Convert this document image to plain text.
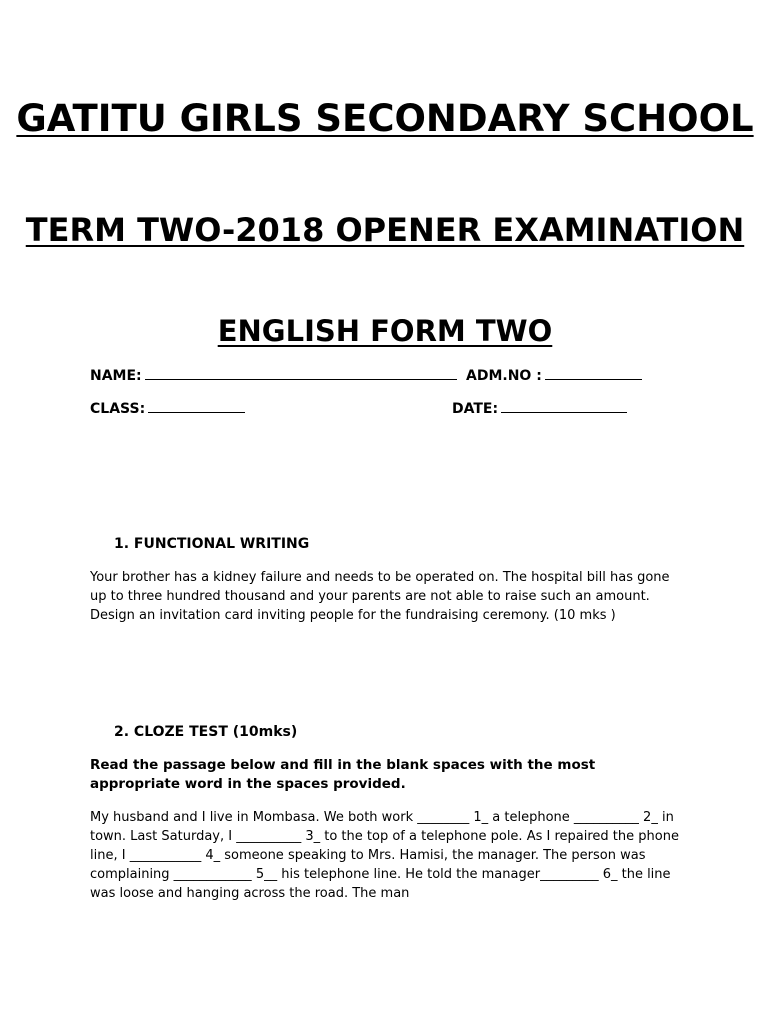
GATITU GIRLS SECONDARY SCHOOL
TERM TWO-2018 OPENER EXAMINATION
ENGLISH FORM TWO
NAME:	ADM.NO :
CLASS:	DATE:
1. FUNCTIONAL WRITING

Your brother has a kidney failure and needs to be operated on. The hospital bill has gone up to three hundred thousand and your parents are not able to raise such an amount. Design an invitation card inviting people for the fundraising ceremony. (10 mks )

2. CLOZE TEST (10mks)

Read the passage below and fill in the blank spaces with the most appropriate word in the spaces provided.

My husband and I live in Mombasa. We both work ________ 1_ a telephone __________ 2_ in town. Last Saturday, I __________ 3_ to the top of a telephone pole. As I repaired the phone line, I ___________ 4_ someone speaking to Mrs. Hamisi, the manager. The person was complaining ____________ 5__ his telephone line. He told the manager_________ 6_ the line was loose and hanging across the road. The man
